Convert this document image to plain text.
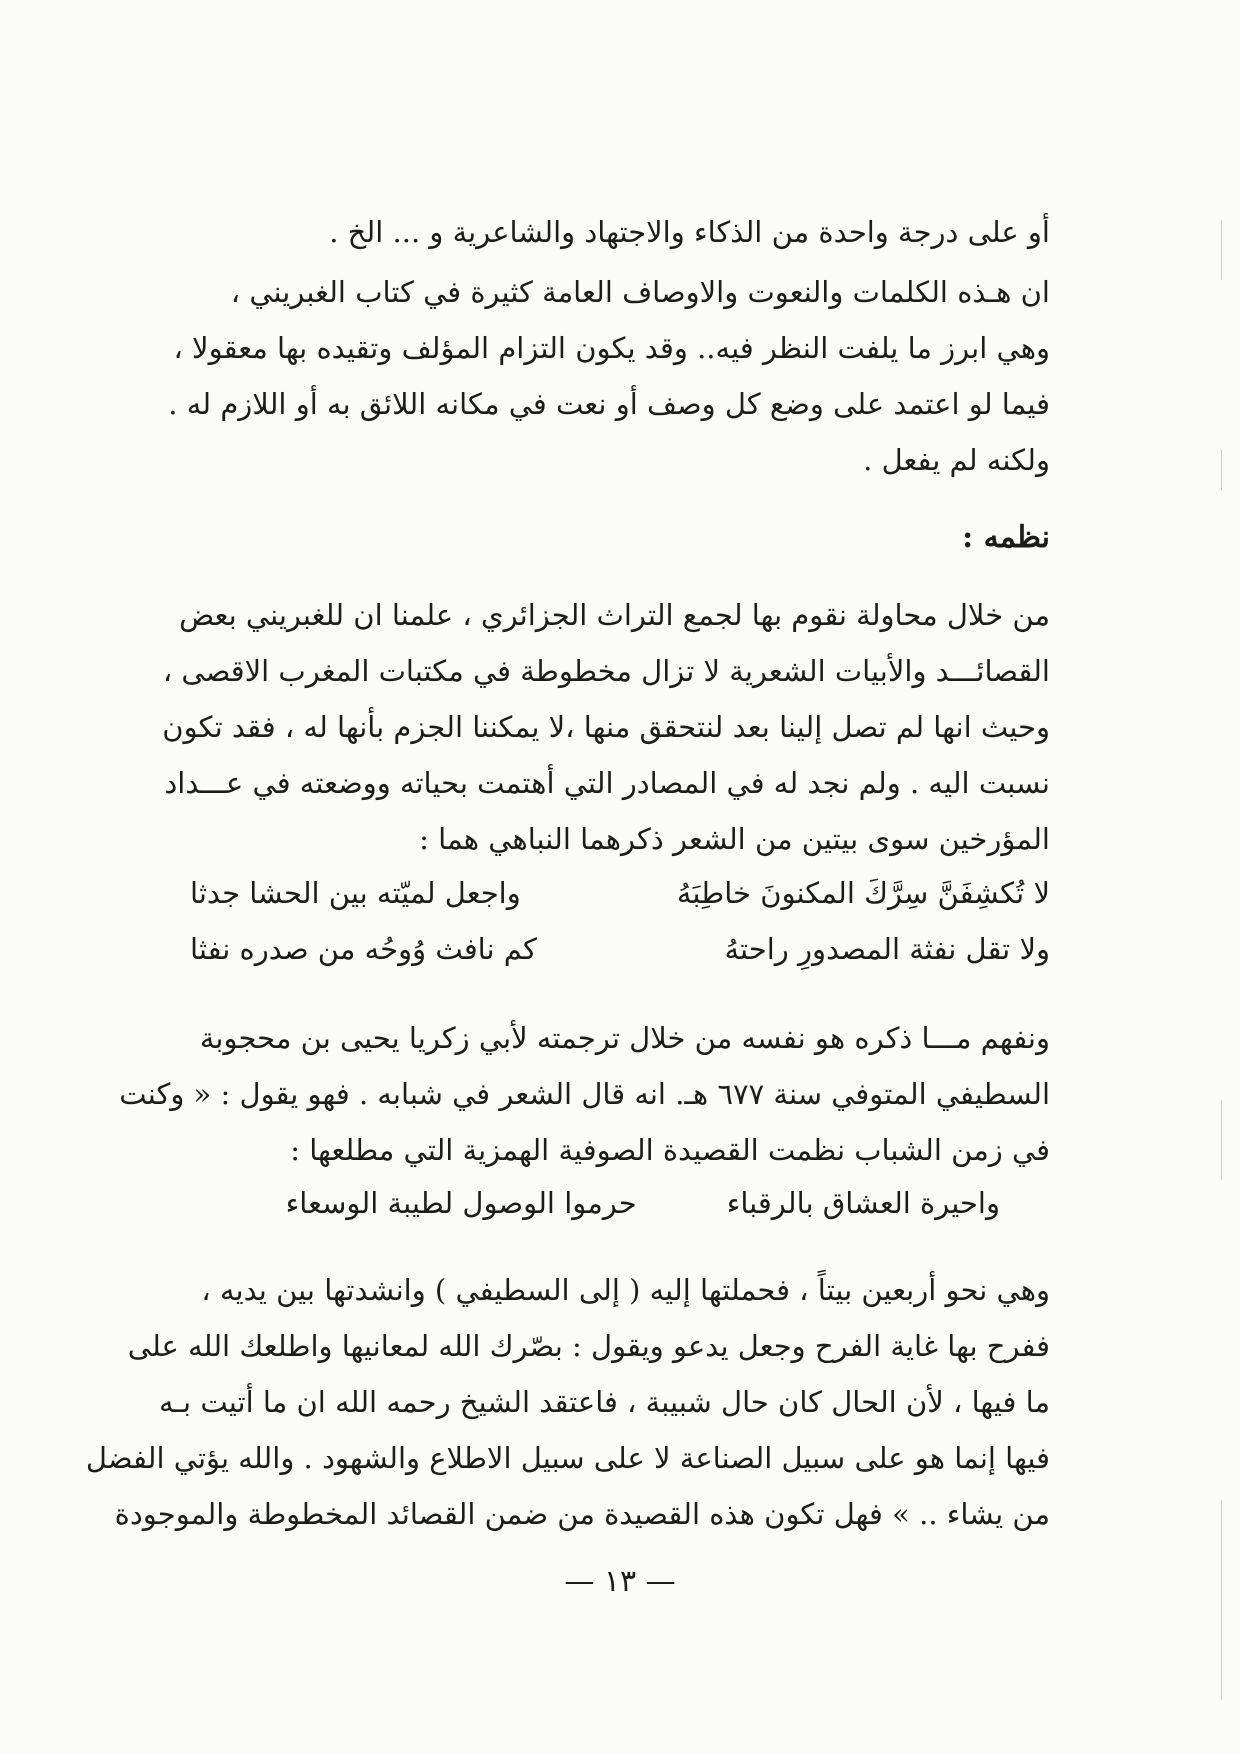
أو على درجة واحدة من الذكاء والاجتهاد والشاعرية و ... الخ .
ان هـذه الكلمات والنعوت والاوصاف العامة كثيرة في كتاب الغبريني ،
وهي ابرز ما يلفت النظر فيه.. وقد يكون التزام المؤلف وتقيده بها معقولا ،
فيما لو اعتمد على وضع كل وصف أو نعت في مكانه اللائق به أو اللازم له .
ولكنه لم يفعل .
نظمه :
من خلال محاولة نقوم بها لجمع التراث الجزائري ، علمنا ان للغبريني بعض
القصائـــد والأبيات الشعرية لا تزال مخطوطة في مكتبات المغرب الاقصى ،
وحيث انها لم تصل إلينا بعد لنتحقق منها ،لا يمكننا الجزم بأنها له ، فقد تكون
نسبت اليه . ولم نجد له في المصادر التي أهتمت بحياته ووضعته في عـــداد
المؤرخين سوى بيتين من الشعر ذكرهما النباهي هما :
لا تُكشِفَنَّ سِرَّكَ المكنونَ خاطِبَهُ
واجعل لميّته بين الحشا جدثا
ولا تقل نفثة المصدورِ راحتهُ
كم نافث وُوحُه من صدره نفثا
ونفهم مـــا ذكره هو نفسه من خلال ترجمته لأبي زكريا يحيى بن محجوبة
السطيفي المتوفي سنة ٦٧٧ هـ. انه قال الشعر في شبابه . فهو يقول : « وكنت
في زمن الشباب نظمت القصيدة الصوفية الهمزية التي مطلعها :
واحيرة العشاق بالرقباء
حرموا الوصول لطيبة الوسعاء
وهي نحو أربعين بيتاً ، فحملتها إليه ( إلى السطيفي ) وانشدتها بين يديه ،
ففرح بها غاية الفرح وجعل يدعو ويقول : بصّرك الله لمعانيها واطلعك الله على
ما فيها ، لأن الحال كان حال شبيبة ، فاعتقد الشيخ رحمه الله ان ما أتيت بـه
فيها إنما هو على سبيل الصناعة لا على سبيل الاطلاع والشهود . والله يؤتي الفضل
من يشاء .. » فهل تكون هذه القصيدة من ضمن القصائد المخطوطة والموجودة
— ١٣ —
